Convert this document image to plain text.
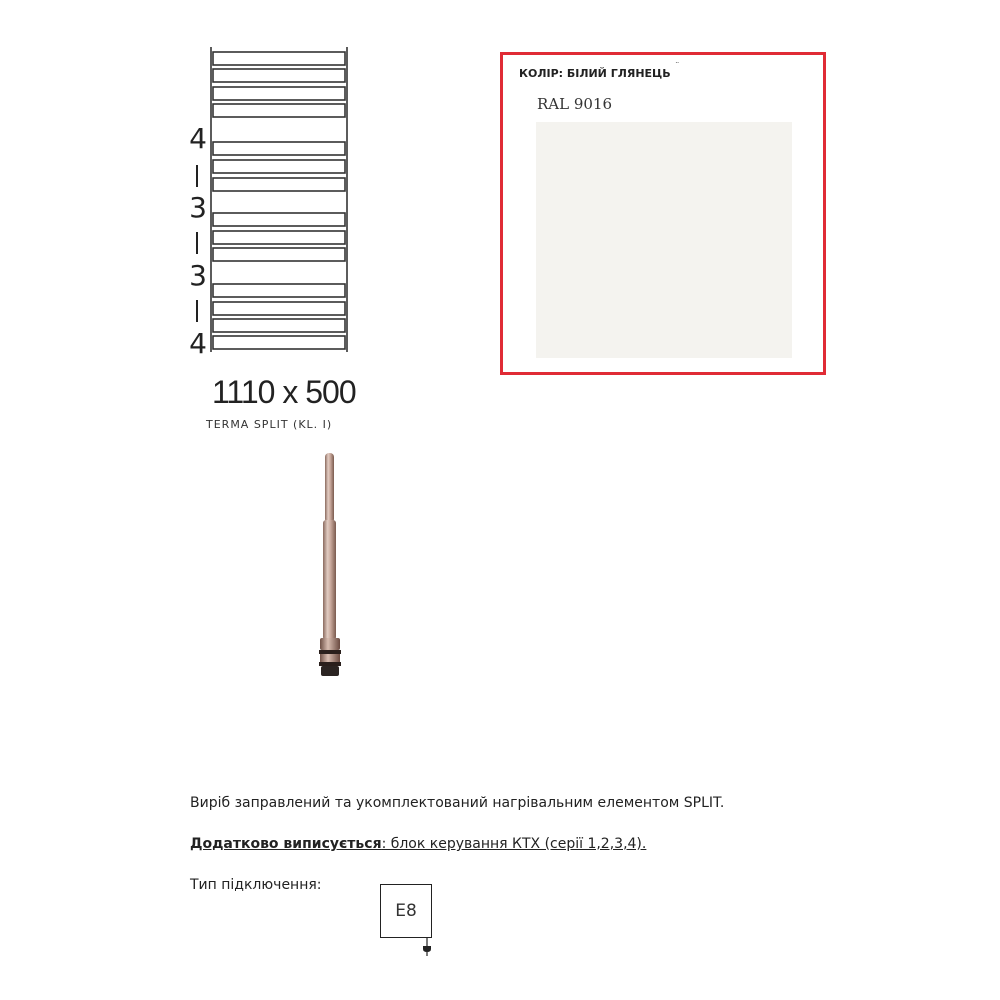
4
3
3
4
1110 x 500
TERMA SPLIT (KL. I)
КОЛІР: БІЛИЙ ГЛЯНЕЦЬ ¨
RAL 9016
Виріб заправлений та укомплектований нагрівальним елементом SPLIT.
Додатково виписується: блок керування КТХ (серії 1,2,3,4).
Тип підключення:
E8
